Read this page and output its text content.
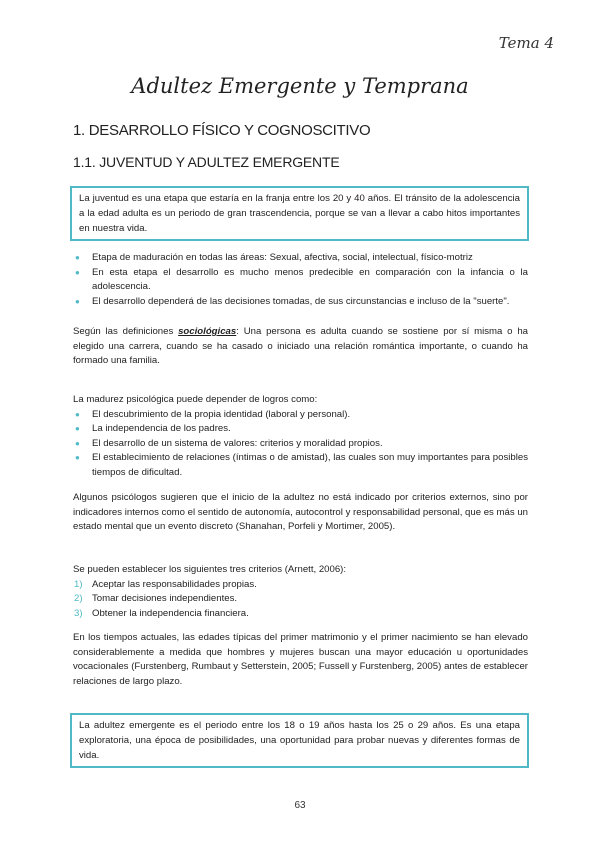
Tema 4
Adultez Emergente y Temprana
1. DESARROLLO FÍSICO Y COGNOSCITIVO
1.1. JUVENTUD Y ADULTEZ EMERGENTE
La juventud es una etapa que estaría en la franja entre los 20 y 40 años. El tránsito de la adolescencia a la edad adulta es un periodo de gran trascendencia, porque se van a llevar a cabo hitos importantes en nuestra vida.
● Etapa de maduración en todas las áreas: Sexual, afectiva, social, intelectual, físico-motriz
● En esta etapa el desarrollo es mucho menos predecible en comparación con la infancia o la adolescencia.
● El desarrollo dependerá de las decisiones tomadas, de sus circunstancias e incluso de la "suerte".

Según las definiciones sociológicas: Una persona es adulta cuando se sostiene por sí misma o ha elegido una carrera, cuando se ha casado o iniciado una relación romántica importante, o cuando ha formado una familia.

La madurez psicológica puede depender de logros como:

● El descubrimiento de la propia identidad (laboral y personal).
● La independencia de los padres.
● El desarrollo de un sistema de valores: criterios y moralidad propios.
● El establecimiento de relaciones (íntimas o de amistad), las cuales son muy importantes para posibles tiempos de dificultad.

Algunos psicólogos sugieren que el inicio de la adultez no está indicado por criterios externos, sino por indicadores internos como el sentido de autonomía, autocontrol y responsabilidad personal, que es más un estado mental que un evento discreto (Shanahan, Porfeli y Mortimer, 2005).

Se pueden establecer los siguientes tres criterios (Arnett, 2006):

1) Aceptar las responsabilidades propias.
2) Tomar decisiones independientes.
3) Obtener la independencia financiera.

En los tiempos actuales, las edades típicas del primer matrimonio y el primer nacimiento se han elevado considerablemente a medida que hombres y mujeres buscan una mayor educación u oportunidades vocacionales (Furstenberg, Rumbaut y Setterstein, 2005; Fussell y Furstenberg, 2005) antes de establecer relaciones de largo plazo.

La adultez emergente es el periodo entre los 18 o 19 años hasta los 25 o 29 años. Es una etapa exploratoria, una época de posibilidades, una oportunidad para probar nuevas y diferentes formas de vida.
63
